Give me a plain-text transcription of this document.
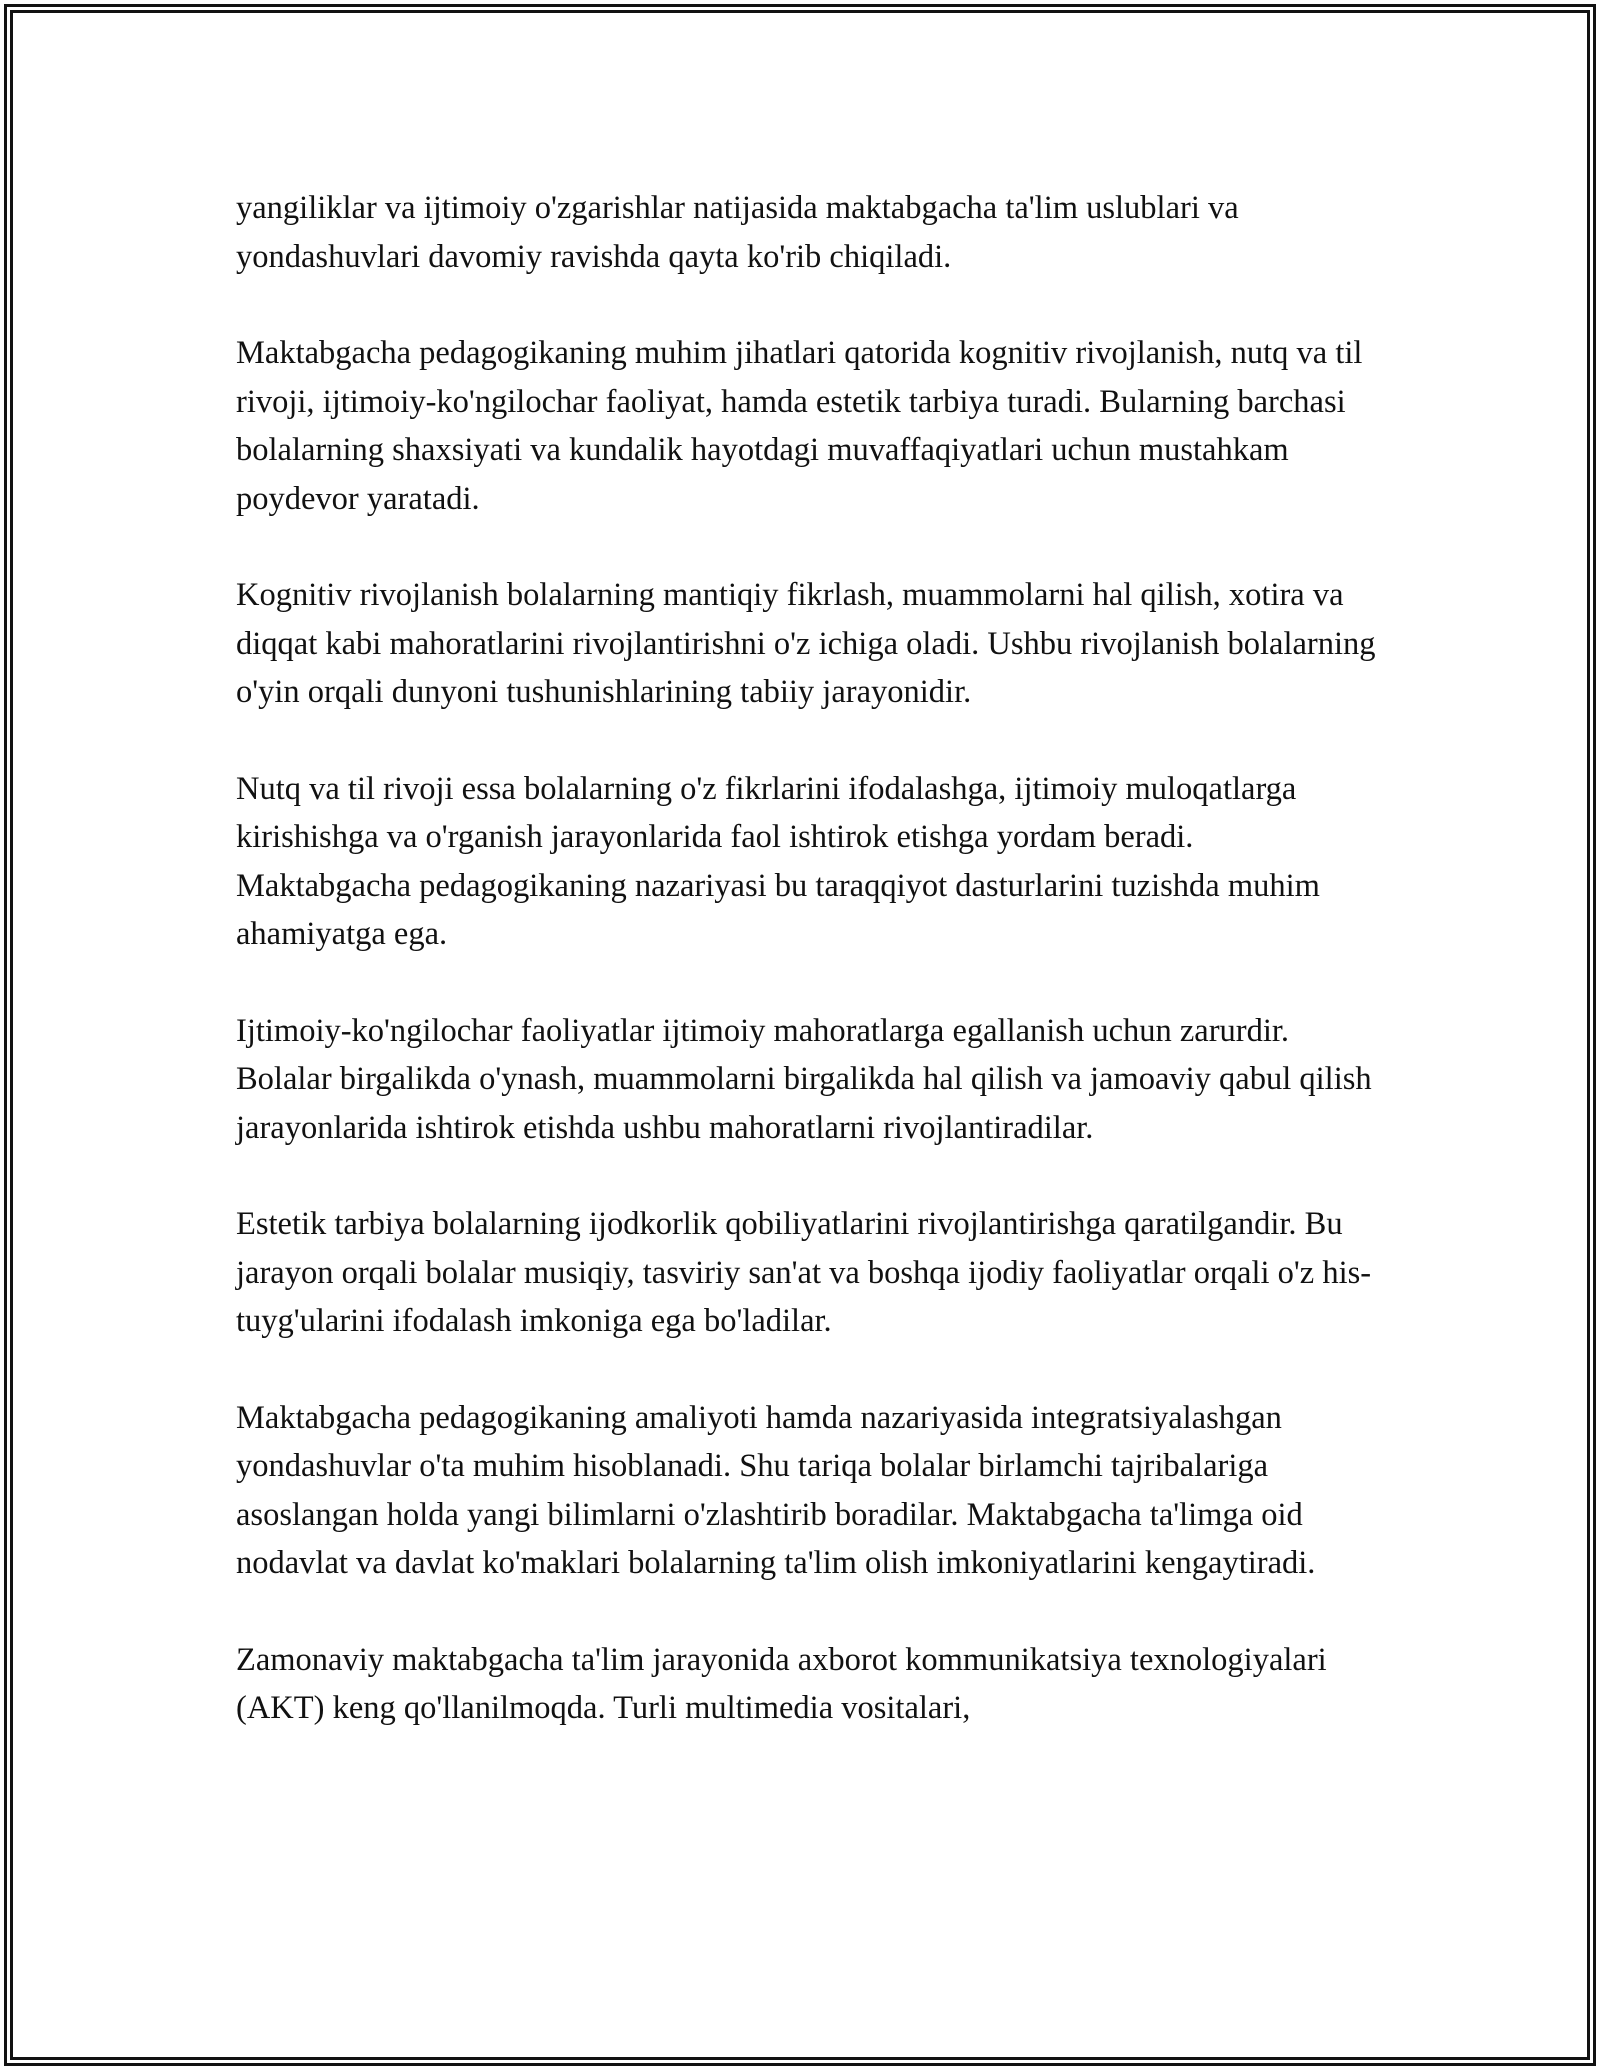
yangiliklar va ijtimoiy o'zgarishlar natijasida maktabgacha ta'lim uslublari va yondashuvlari davomiy ravishda qayta ko'rib chiqiladi.

Maktabgacha pedagogikaning muhim jihatlari qatorida kognitiv rivojlanish, nutq va til rivoji, ijtimoiy-ko'ngilochar faoliyat, hamda estetik tarbiya turadi. Bularning barchasi bolalarning shaxsiyati va kundalik hayotdagi muvaffaqiyatlari uchun mustahkam poydevor yaratadi.

Kognitiv rivojlanish bolalarning mantiqiy fikrlash, muammolarni hal qilish, xotira va diqqat kabi mahoratlarini rivojlantirishni o'z ichiga oladi. Ushbu rivojlanish bolalarning o'yin orqali dunyoni tushunishlarining tabiiy jarayonidir.

Nutq va til rivoji essa bolalarning o'z fikrlarini ifodalashga, ijtimoiy muloqatlarga kirishishga va o'rganish jarayonlarida faol ishtirok etishga yordam beradi. Maktabgacha pedagogikaning nazariyasi bu taraqqiyot dasturlarini tuzishda muhim ahamiyatga ega.

Ijtimoiy-ko'ngilochar faoliyatlar ijtimoiy mahoratlarga egallanish uchun zarurdir. Bolalar birgalikda o'ynash, muammolarni birgalikda hal qilish va jamoaviy qabul qilish jarayonlarida ishtirok etishda ushbu mahoratlarni rivojlantiradilar.

Estetik tarbiya bolalarning ijodkorlik qobiliyatlarini rivojlantirishga qaratilgandir. Bu jarayon orqali bolalar musiqiy, tasviriy san'at va boshqa ijodiy faoliyatlar orqali o'z his-tuyg'ularini ifodalash imkoniga ega bo'ladilar.

Maktabgacha pedagogikaning amaliyoti hamda nazariyasida integratsiyalashgan yondashuvlar o'ta muhim hisoblanadi. Shu tariqa bolalar birlamchi tajribalariga asoslangan holda yangi bilimlarni o'zlashtirib boradilar. Maktabgacha ta'limga oid nodavlat va davlat ko'maklari bolalarning ta'lim olish imkoniyatlarini kengaytiradi.

Zamonaviy maktabgacha ta'lim jarayonida axborot kommunikatsiya texnologiyalari (AKT) keng qo'llanilmoqda. Turli multimedia vositalari,
